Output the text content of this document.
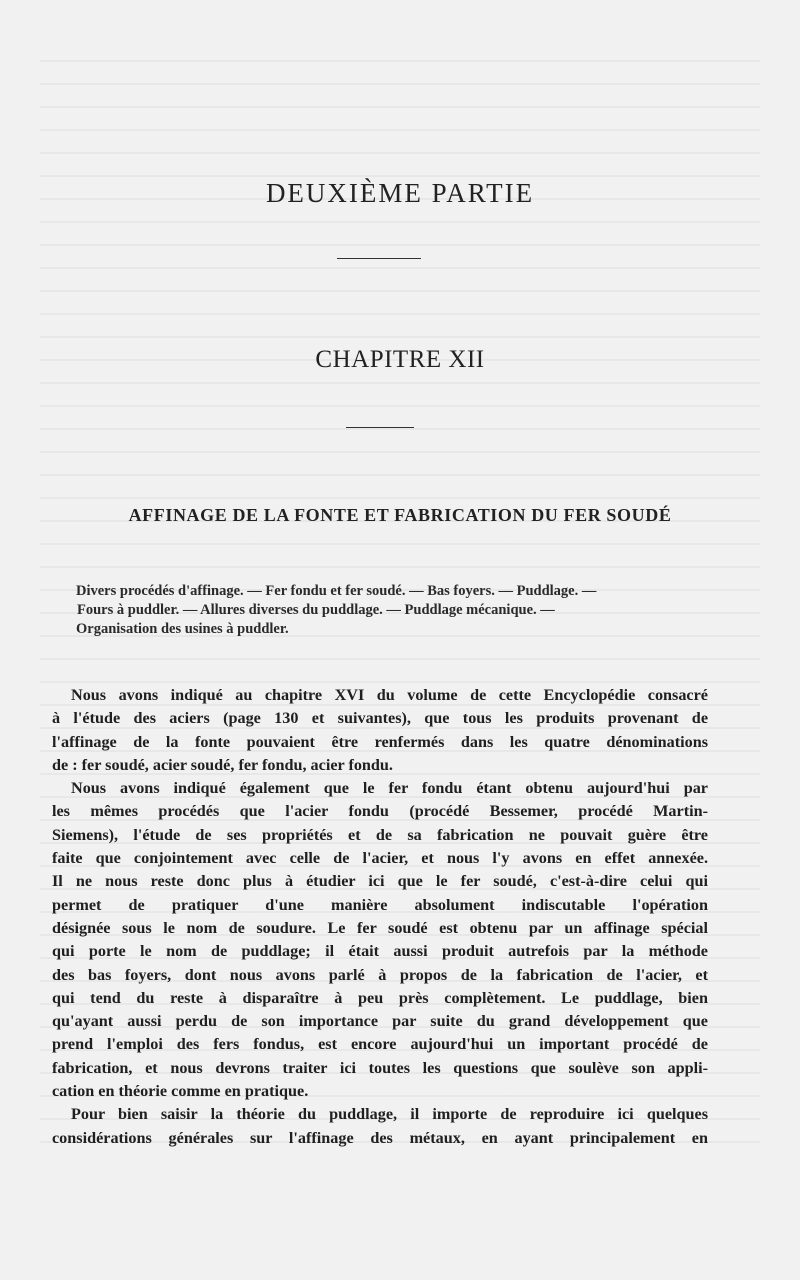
DEUXIÈME PARTIE
CHAPITRE XII
AFFINAGE DE LA FONTE ET FABRICATION DU FER SOUDÉ
Divers procédés d'affinage. — Fer fondu et fer soudé. — Bas foyers. — Puddlage. —
Fours à puddler. — Allures diverses du puddlage. — Puddlage mécanique. —
Organisation des usines à puddler.
Nous avons indiqué au chapitre XVI du volume de cette Encyclopédie consacré
à l'étude des aciers (page 130 et suivantes), que tous les produits provenant de
l'affinage de la fonte pouvaient être renfermés dans les quatre dénominations
de : fer soudé, acier soudé, fer fondu, acier fondu.
Nous avons indiqué également que le fer fondu étant obtenu aujourd'hui par
les mêmes procédés que l'acier fondu (procédé Bessemer, procédé Martin-
Siemens), l'étude de ses propriétés et de sa fabrication ne pouvait guère être
faite que conjointement avec celle de l'acier, et nous l'y avons en effet annexée.
Il ne nous reste donc plus à étudier ici que le fer soudé, c'est-à-dire celui qui
permet de pratiquer d'une manière absolument indiscutable l'opération
désignée sous le nom de soudure. Le fer soudé est obtenu par un affinage spécial
qui porte le nom de puddlage; il était aussi produit autrefois par la méthode
des bas foyers, dont nous avons parlé à propos de la fabrication de l'acier, et
qui tend du reste à disparaître à peu près complètement. Le puddlage, bien
qu'ayant aussi perdu de son importance par suite du grand développement que
prend l'emploi des fers fondus, est encore aujourd'hui un important procédé de
fabrication, et nous devrons traiter ici toutes les questions que soulève son appli-
cation en théorie comme en pratique.
Pour bien saisir la théorie du puddlage, il importe de reproduire ici quelques
considérations générales sur l'affinage des métaux, en ayant principalement en
